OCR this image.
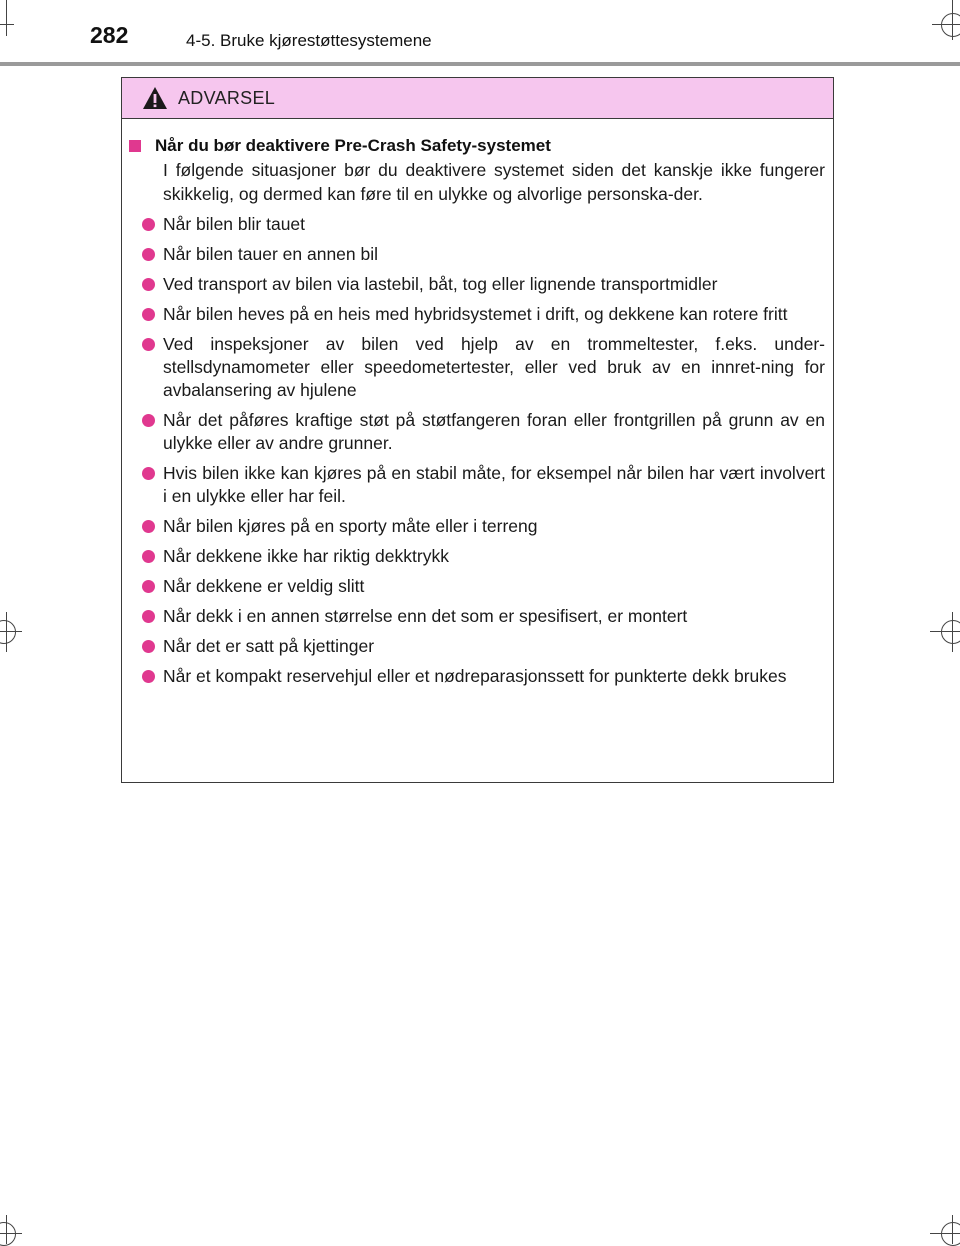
282	4-5. Bruke kjørestøttesystemene
ADVARSEL
Når du bør deaktivere Pre-Crash Safety-systemet
I følgende situasjoner bør du deaktivere systemet siden det kanskje ikke fungerer skikkelig, og dermed kan føre til en ulykke og alvorlige personska-der.
Når bilen blir tauet
Når bilen tauer en annen bil
Ved transport av bilen via lastebil, båt, tog eller lignende transportmidler
Når bilen heves på en heis med hybridsystemet i drift, og dekkene kan rotere fritt
Ved inspeksjoner av bilen ved hjelp av en trommeltester, f.eks. under-stellsdynamometer eller speedometertester, eller ved bruk av en innret-ning for avbalansering av hjulene
Når det påføres kraftige støt på støtfangeren foran eller frontgrillen på grunn av en ulykke eller av andre grunner.
Hvis bilen ikke kan kjøres på en stabil måte, for eksempel når bilen har vært involvert i en ulykke eller har feil.
Når bilen kjøres på en sporty måte eller i terreng
Når dekkene ikke har riktig dekktrykk
Når dekkene er veldig slitt
Når dekk i en annen størrelse enn det som er spesifisert, er montert
Når det er satt på kjettinger
Når et kompakt reservehjul eller et nødreparasjonssett for punkterte dekk brukes
